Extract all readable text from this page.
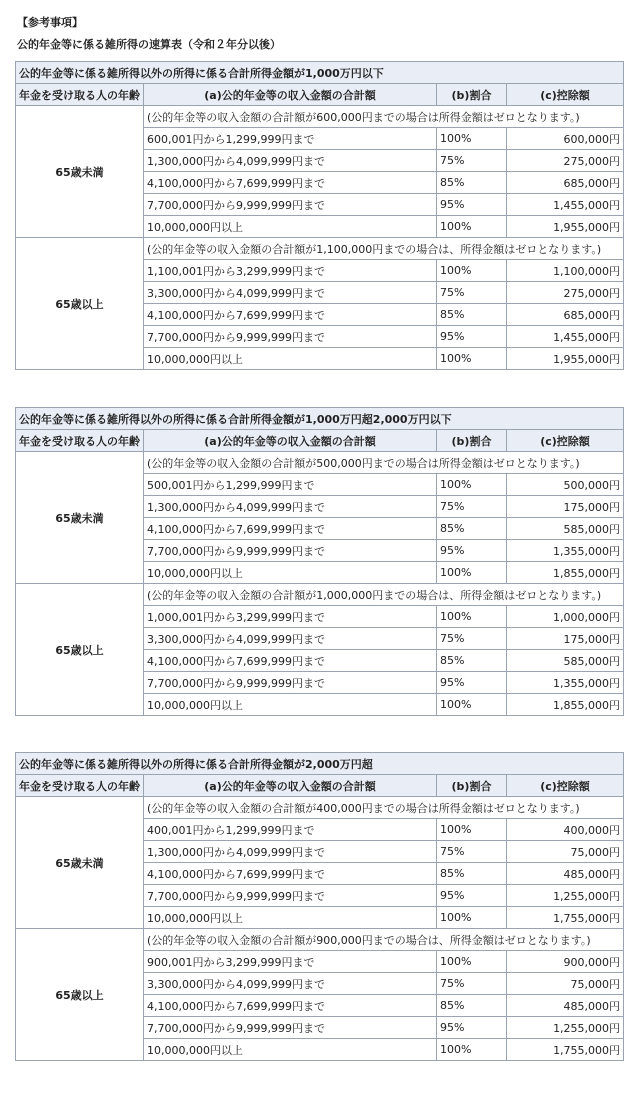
【参考事項】
公的年金等に係る雑所得の速算表（令和２年分以後）
公的年金等に係る雑所得以外の所得に係る合計所得金額が1,000万円以下			
年金を受け取る人の年齢	(a)公的年金等の収入金額の合計額	(b)割合	(c)控除額
65歳未満	(公的年金等の収入金額の合計額が600,000円までの場合は所得金額はゼロとなります。)		
	600,001円から1,299,999円まで	100%	600,000円
	1,300,000円から4,099,999円まで	75%	275,000円
	4,100,000円から7,699,999円まで	85%	685,000円
	7,700,000円から9,999,999円まで	95%	1,455,000円
	10,000,000円以上	100%	1,955,000円
65歳以上	(公的年金等の収入金額の合計額が1,100,000円までの場合は、所得金額はゼロとなります。)		
	1,100,001円から3,299,999円まで	100%	1,100,000円
	3,300,000円から4,099,999円まで	75%	275,000円
	4,100,000円から7,699,999円まで	85%	685,000円
	7,700,000円から9,999,999円まで	95%	1,455,000円
	10,000,000円以上	100%	1,955,000円
公的年金等に係る雑所得以外の所得に係る合計所得金額が1,000万円超2,000万円以下			
年金を受け取る人の年齢	(a)公的年金等の収入金額の合計額	(b)割合	(c)控除額
65歳未満	(公的年金等の収入金額の合計額が500,000円までの場合は所得金額はゼロとなります。)		
	500,001円から1,299,999円まで	100%	500,000円
	1,300,000円から4,099,999円まで	75%	175,000円
	4,100,000円から7,699,999円まで	85%	585,000円
	7,700,000円から9,999,999円まで	95%	1,355,000円
	10,000,000円以上	100%	1,855,000円
65歳以上	(公的年金等の収入金額の合計額が1,000,000円までの場合は、所得金額はゼロとなります。)		
	1,000,001円から3,299,999円まで	100%	1,000,000円
	3,300,000円から4,099,999円まで	75%	175,000円
	4,100,000円から7,699,999円まで	85%	585,000円
	7,700,000円から9,999,999円まで	95%	1,355,000円
	10,000,000円以上	100%	1,855,000円
公的年金等に係る雑所得以外の所得に係る合計所得金額が2,000万円超			
年金を受け取る人の年齢	(a)公的年金等の収入金額の合計額	(b)割合	(c)控除額
65歳未満	(公的年金等の収入金額の合計額が400,000円までの場合は所得金額はゼロとなります。)		
	400,001円から1,299,999円まで	100%	400,000円
	1,300,000円から4,099,999円まで	75%	75,000円
	4,100,000円から7,699,999円まで	85%	485,000円
	7,700,000円から9,999,999円まで	95%	1,255,000円
	10,000,000円以上	100%	1,755,000円
65歳以上	(公的年金等の収入金額の合計額が900,000円までの場合は、所得金額はゼロとなります。)		
	900,001円から3,299,999円まで	100%	900,000円
	3,300,000円から4,099,999円まで	75%	75,000円
	4,100,000円から7,699,999円まで	85%	485,000円
	7,700,000円から9,999,999円まで	95%	1,255,000円
	10,000,000円以上	100%	1,755,000円
